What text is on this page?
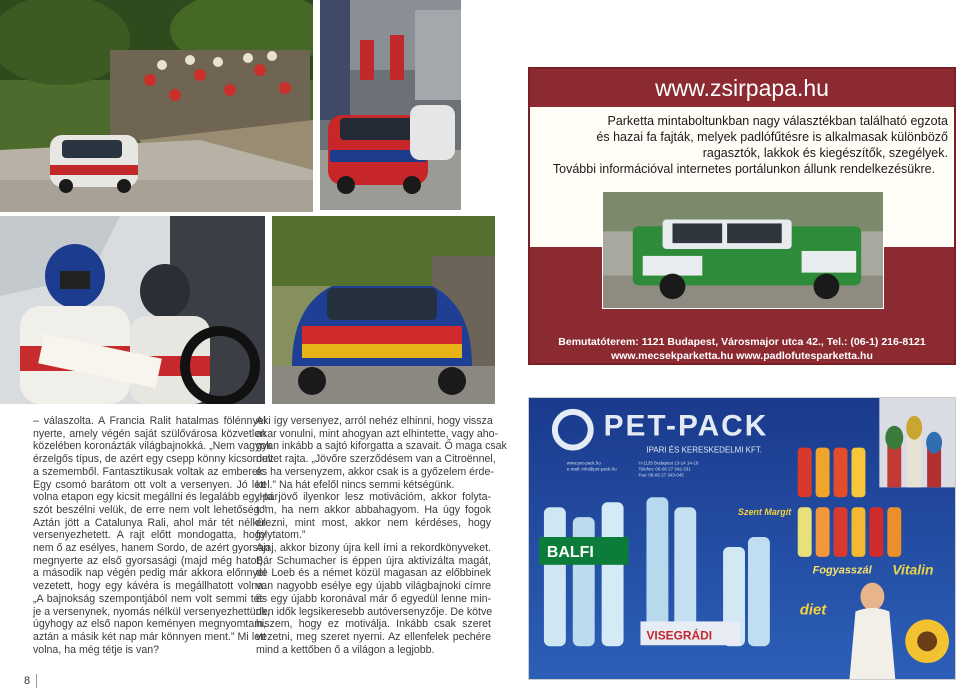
www.zsirpapa.hu

Parketta mintaboltunkban nagy választékban található egzota

és hazai fa fajták, melyek padlófűtésre is alkalmasak különböző

ragasztók, lakkok és kiegészítők, szegélyek.

További információval internetes portálunkon állunk rendelkezésükre.

Bemutatóterem: 1121 Budapest, Városmajor utca 42., Tel.: (06-1) 216-8121
www.mecsekparketta.hu www.padlofutesparketta.hu
– válaszolta. A Francia Ralit hatalmas fölénnyel
nyerte, amely végén saját szülővárosa közvetlen
közelében koronázták világbajnokká. „Nem vagyok
érzelgős típus, de azért egy csepp könny kicsordult
a szememből. Fantasztikusak voltak az emberek.
Egy csomó barátom ott volt a versenyen. Jó lett
volna etapon egy kicsit megállni és legalább egy pár
szót beszélni velük, de erre nem volt lehetőség.”
Aztán jött a Catalunya Rali, ahol már tét nélkül
versenyezhetett. A rajt előtt mondogatta, hogy
nem ő az esélyes, hanem Sordo, de azért gyorsan
megnyerte az első gyorsasági (majd még hatot),
a második nap végén pedig már akkora előnnyel
vezetett, hogy egy kávéra is megállhatott volna.
„A bajnokság szempontjából nem volt semmi tét-
je a versenynek, nyomás nélkül versenyezhettünk,
úgyhogy az első napon keményen megnyomtam,
aztán a másik két nap már könnyen ment.” Mi lett
volna, ha még tétje is van?
Aki így versenyez, arról nehéz elhinni, hogy vissza
akar vonulni, mint ahogyan azt elhintette, vagy aho-
gyan inkább a sajtó kiforgatta a szavait. Ő maga csak
nevet rajta. „Jövőre szerződésem van a Citroënnel,
és ha versenyzem, akkor csak is a győzelem érde-
kel.” Na hát efelől nincs semmi kétségünk.
„Ha jövő ilyenkor lesz motivációm, akkor folyta-
tom, ha nem akkor abbahagyom. Ha úgy fogok
érezni, mint most, akkor nem kérdéses, hogy
folytatom.”
Ajaj, akkor bizony újra kell írni a rekordkönyveket.
Bár Schumacher is éppen újra aktivizálta magát,
de Loeb és a német közül magasan az előbbinek
van nagyobb esélye egy újabb világbajnoki címre
és egy újabb koronával már ő egyedül lenne min-
den idők legsikeresebb autóversenyzője. De kötve
hiszem, hogy ez motiválja. Inkább csak szeret
vezetni, meg szeret nyerni. Az ellenfelek pechére
mind a kettőben ő a világon a legjobb.
PET-PACK
IPARI ÉS KERESKEDELMI KFT.
H-1135 Budapest 13-14 14-16
Telefon: 06-06 27 342-331
Fax: 06-06 27 343-045
www.pet-pack.hu
e-mail: info@pet-pack.hu
BALFI
VISEGRÁDI
Fogyasszál Vitalin
diet
Szent Margit
8
